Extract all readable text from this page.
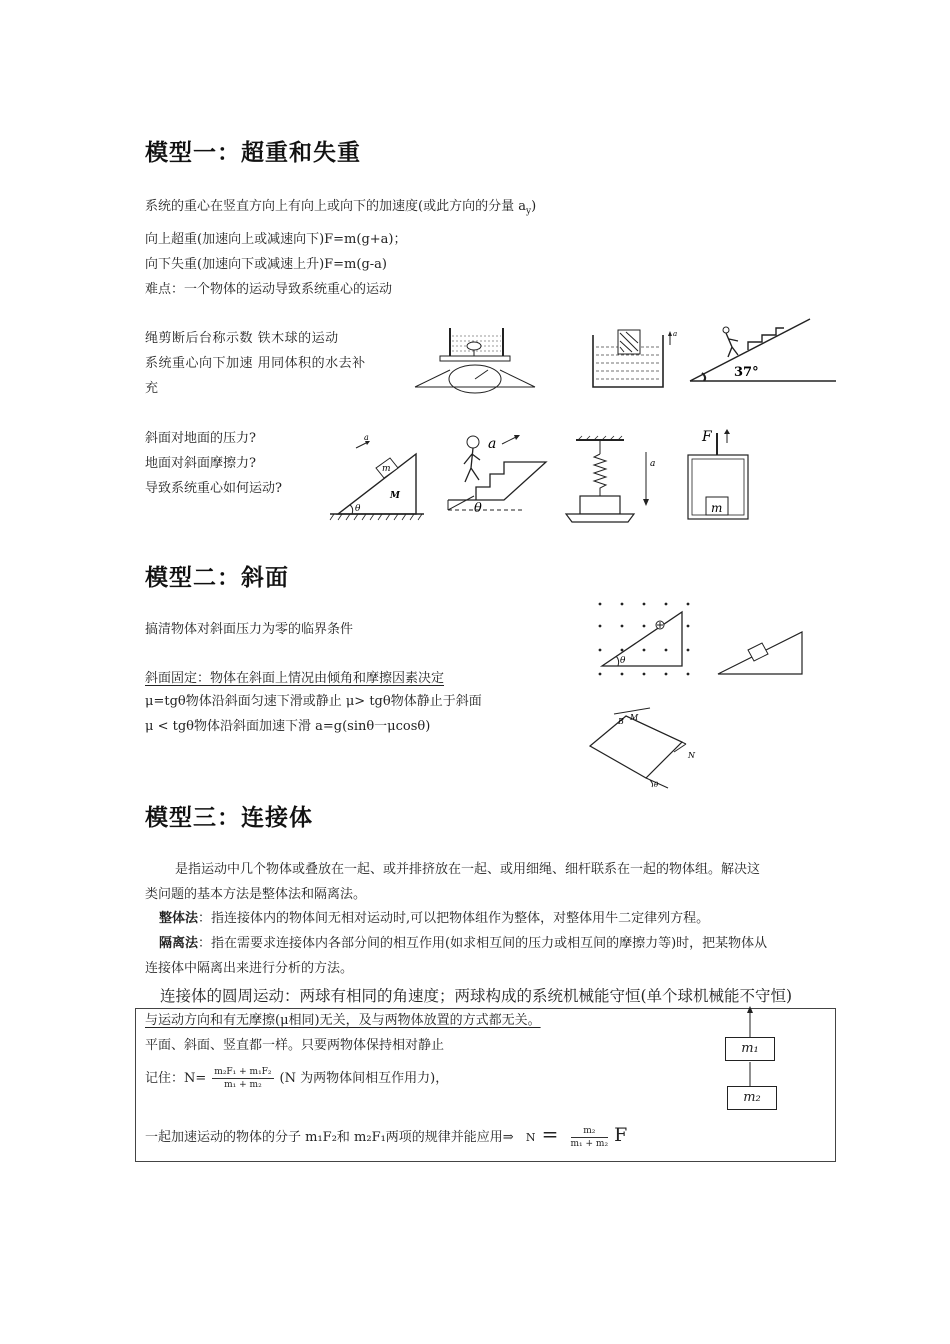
模型一：超重和失重
系统的重心在竖直方向上有向上或向下的加速度(或此方向的分量 $a_y$)
向上超重(加速向上或减速向下)F=m(g+a)；
向下失重(加速向下或减速上升)F=m(g-a)
难点：一个物体的运动导致系统重心的运动
绳剪断后台称示数 铁木球的运动
系统重心向下加速 用同体积的水去补
充
a
37°
斜面对地面的压力?
地面对斜面摩擦力?
导致系统重心如何运动?
m
M
a
θ
a
θ
a
F
m
模型二：斜面
搞清物体对斜面压力为零的临界条件
斜面固定：物体在斜面上情况由倾角和摩擦因素决定
μ=tgθ物体沿斜面匀速下滑或静止 μ> tgθ物体静止于斜面
μ < tgθ物体沿斜面加速下滑 a=g(sinθ一μcosθ)
θ
B M
N
θ
模型三：连接体
是指运动中几个物体或叠放在一起、或并排挤放在一起、或用细绳、细杆联系在一起的物体组。解决这
类问题的基本方法是整体法和隔离法。
整体法：指连接体内的物体间无相对运动时,可以把物体组作为整体，对整体用牛二定律列方程。
隔离法：指在需要求连接体内各部分间的相互作用(如求相互间的压力或相互间的摩擦力等)时，把某物体从
连接体中隔离出来进行分析的方法。
连接体的圆周运动：两球有相同的角速度；两球构成的系统机械能守恒(单个球机械能不守恒)
与运动方向和有无摩擦(μ相同)无关，及与两物体放置的方式都无关。
平面、斜面、竖直都一样。只要两物体保持相对静止
记住：$N= \frac{\text{m₂F₁ + m₁F₂}}{\text{m₁ + m₂}} (N$ 为两物体间相互作用力)，
一起加速运动的物体的分子 m₁F₂和 m₂F₁两项的规律并能应用⇒ $N = \frac{\text{m₂}}{\text{m₁ + m₂}}$ F
m₁
m₂
